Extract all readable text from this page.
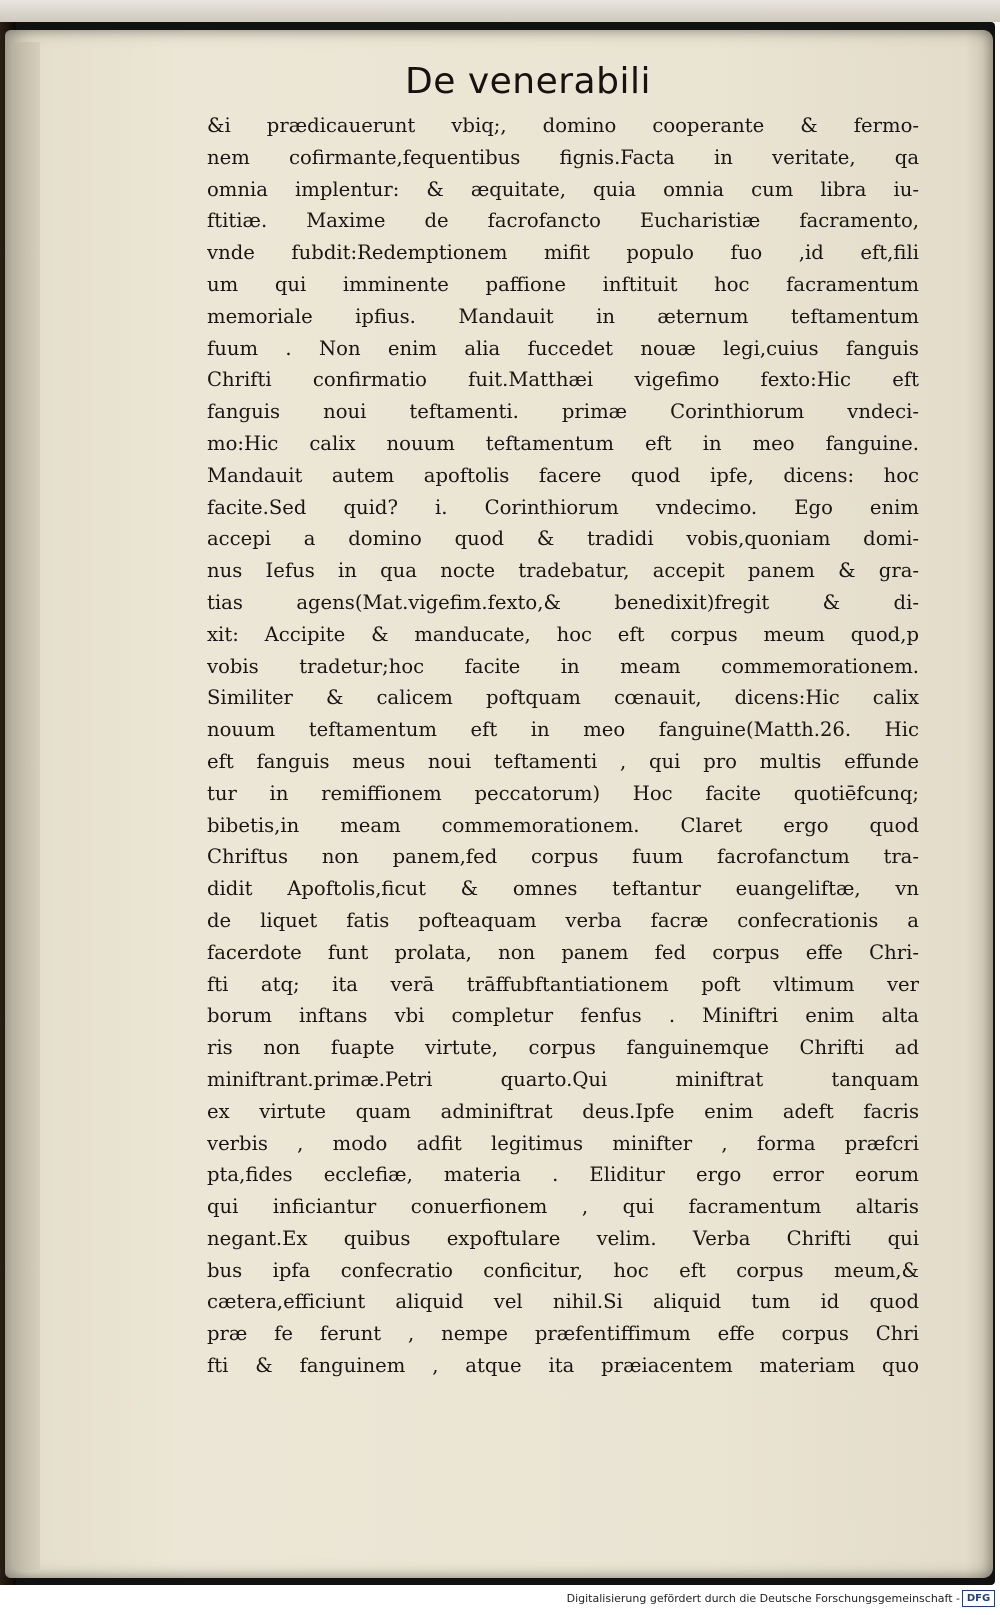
De venerabili
&i prædicauerunt vbiq;, domino cooperante & fermo-
nem cofirmante,fequentibus fignis.Facta in veritate, qa
omnia implentur: & æquitate, quia omnia cum libra iu-
ftitiæ. Maxime de facrofancto Eucharistiæ facramento,
vnde fubdit:Redemptionem mifit populo fuo ,id eft,fili
um qui imminente paffione inftituit hoc facramentum
memoriale ipfius. Mandauit in æternum teftamentum
fuum . Non enim alia fuccedet nouæ legi,cuius fanguis
Chrifti confirmatio fuit.Matthæi vigefimo fexto:Hic eft
fanguis noui teftamenti. primæ Corinthiorum vndeci-
mo:Hic calix nouum teftamentum eft in meo fanguine.
Mandauit autem apoftolis facere quod ipfe, dicens: hoc
facite.Sed quid? i. Corinthiorum vndecimo. Ego enim
accepi a domino quod & tradidi vobis,quoniam domi-
nus Iefus in qua nocte tradebatur, accepit panem & gra-
tias agens(Mat.vigefim.fexto,& benedixit)fregit & di-
xit: Accipite & manducate, hoc eft corpus meum quod,p
vobis tradetur;hoc facite in meam commemorationem.
Similiter & calicem poftquam cœnauit, dicens:Hic calix
nouum teftamentum eft in meo fanguine(Matth.26. Hic
eft fanguis meus noui teftamenti , qui pro multis effunde
tur in remiffionem peccatorum) Hoc facite quotiēfcunq;
bibetis,in meam commemorationem. Claret ergo quod
Chriftus non panem,fed corpus fuum facrofanctum tra-
didit Apoftolis,ficut & omnes teftantur euangeliftæ, vn
de liquet fatis pofteaquam verba facræ confecrationis a
facerdote funt prolata, non panem fed corpus effe Chri-
fti atq; ita verā trāffubftantiationem poft vltimum ver
borum inftans vbi completur fenfus . Miniftri enim alta
ris non fuapte virtute, corpus fanguinemque Chrifti ad
miniftrant.primæ.Petri quarto.Qui miniftrat tanquam
ex virtute quam adminiftrat deus.Ipfe enim adeft facris
verbis , modo adfit legitimus minifter , forma præfcri
pta,fides ecclefiæ, materia . Eliditur ergo error eorum
qui inficiantur conuerfionem , qui facramentum altaris
negant.Ex quibus expoftulare velim. Verba Chrifti qui
bus ipfa confecratio conficitur, hoc eft corpus meum,&
cætera,efficiunt aliquid vel nihil.Si aliquid tum id quod
præ fe ferunt , nempe præfentiffimum effe corpus Chri
fti & fanguinem , atque ita præiacentem materiam quo
Digitalisierung gefördert durch die Deutsche Forschungsgemeinschaft - DFG
